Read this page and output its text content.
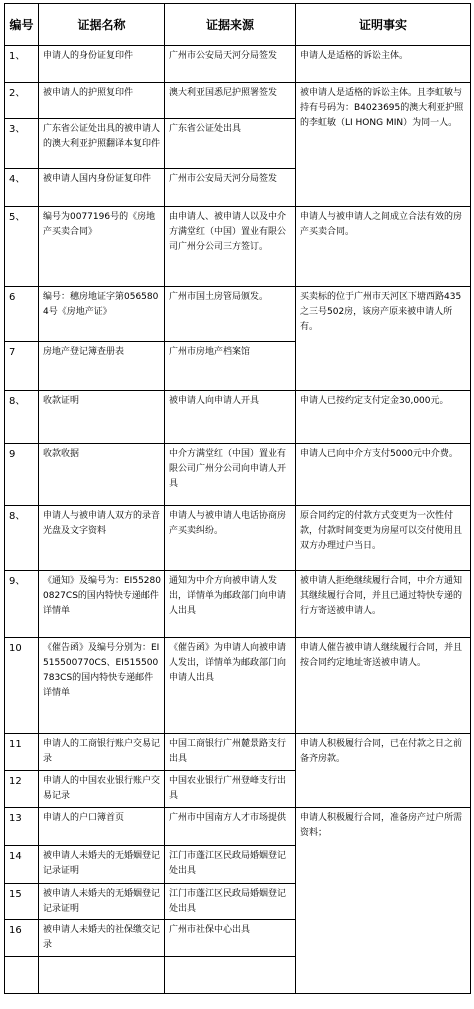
编号	证据名称	证据来源	证明事实
1、	申请人的身份证复印件	广州市公安局天河分局签发	申请人是适格的诉讼主体。
2、	被申请人的护照复印件	澳大利亚国悉尼护照署签发	被申请人是适格的诉讼主体。且李虹敏与持有号码为：B4023695的澳大利亚护照的李虹敏（LI HONG MIN）为同一人。
3、	广东省公证处出具的被申请人的澳大利亚护照翻译本复印件	广东省公证处出具	
4、	被申请人国内身份证复印件	广州市公安局天河分局签发	
5、	编号为0077196号的《房地产买卖合同》	由申请人、被申请人以及中介方满堂红（中国）置业有限公司广州分公司三方签订。	申请人与被申请人之间成立合法有效的房产买卖合同。
6	编号：穗房地证字第0565804号《房地产证》	广州市国土房管局颁发。	买卖标的位于广州市天河区下塘西路435之三号502房，该房产原来被申请人所有。
7	房地产登记簿查册表	广州市房地产档案馆	
8、	收款证明	被申请人向申请人开具	申请人已按约定支付定金30,000元。
9	收款收据	中介方满堂红（中国）置业有限公司广州分公司向申请人开具	申请人已向中介方支付5000元中介费。
8、	申请人与被申请人双方的录音光盘及文字资料	申请人与被申请人电话协商房产买卖纠纷。	原合同约定的付款方式变更为一次性付款，付款时间变更为房屋可以交付使用且双方办理过户当日。
9、	《通知》及编号为：EI552800827CS的国内特快专递邮件详情单	通知为中介方向被申请人发出，详情单为邮政部门向申请人出具	被申请人拒绝继续履行合同，中介方通知其继续履行合同，并且已通过特快专递的行方寄送被申请人。
10	《催告函》及编号分别为：EI515500770CS、EI515500783CS的国内特快专递邮件详情单	《催告函》为申请人向被申请人发出，详情单为邮政部门向申请人出具	申请人催告被申请人继续履行合同，并且按合同约定地址寄送被申请人。
11	申请人的工商银行账户交易记录	中国工商银行广州麓景路支行出具	申请人积极履行合同，已在付款之日之前备齐房款。
12	申请人的中国农业银行账户交易记录	中国农业银行广州登峰支行出具	
13	申请人的户口簿首页	广州市中国南方人才市场提供	申请人积极履行合同，准备房产过户所需资料；
14	被申请人未婚夫的无婚姻登记记录证明	江门市蓬江区民政局婚姻登记处出具	
15	被申请人未婚夫的无婚姻登记记录证明	江门市蓬江区民政局婚姻登记处出具	
16	被申请人未婚夫的社保缴交记录	广州市社保中心出具	
